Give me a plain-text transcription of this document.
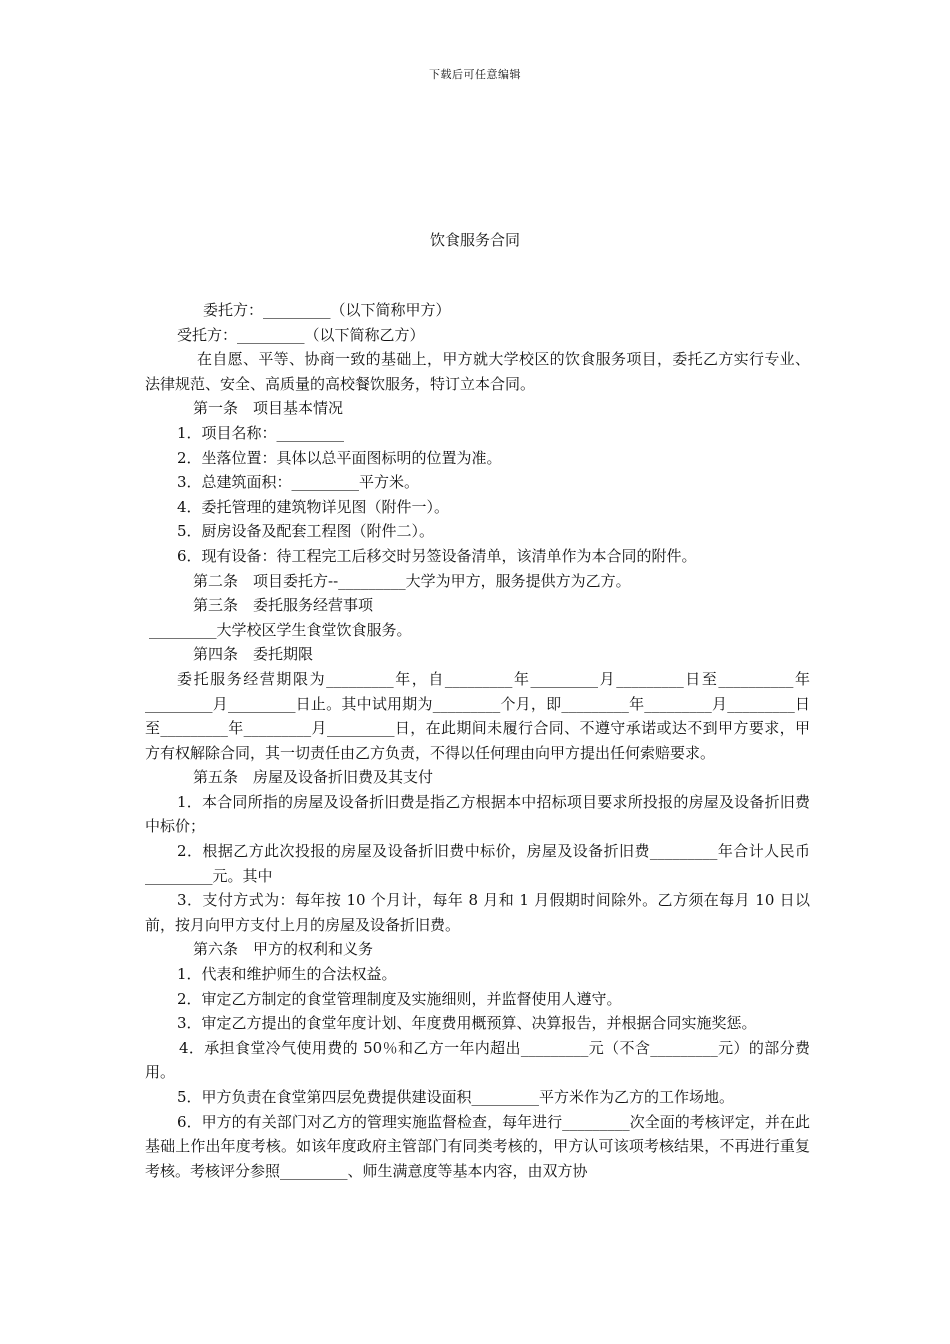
下载后可任意编辑
饮食服务合同

委托方：_________（以下简称甲方）

受托方：_________（以下简称乙方）

在自愿、平等、协商一致的基础上，甲方就大学校区的饮食服务项目，委托乙方实行专业、法律规范、安全、高质量的高校餐饮服务，特订立本合同。

第一条　项目基本情况

1．项目名称：_________

2．坐落位置：具体以总平面图标明的位置为准。

3．总建筑面积：_________平方米。

4．委托管理的建筑物详见图（附件一）。

5．厨房设备及配套工程图（附件二）。

6．现有设备：待工程完工后移交时另签设备清单，该清单作为本合同的附件。

第二条　项目委托方--_________大学为甲方，服务提供方为乙方。

第三条　委托服务经营事项

_________大学校区学生食堂饮食服务。

第四条　委托期限

委托服务经营期限为_________年，自_________年_________月_________日至__________年_________月_________日止。其中试用期为_________个月，即_________年_________月_________日至_________年_________月_________日，在此期间未履行合同、不遵守承诺或达不到甲方要求，甲方有权解除合同，其一切责任由乙方负责，不得以任何理由向甲方提出任何索赔要求。

第五条　房屋及设备折旧费及其支付

1．本合同所指的房屋及设备折旧费是指乙方根据本中招标项目要求所投报的房屋及设备折旧费中标价；

2．根据乙方此次投报的房屋及设备折旧费中标价，房屋及设备折旧费_________年合计人民币_________元。其中

3．支付方式为：每年按 10 个月计，每年 8 月和 1 月假期时间除外。乙方须在每月 10 日以前，按月向甲方支付上月的房屋及设备折旧费。

第六条　甲方的权利和义务

1．代表和维护师生的合法权益。

2．审定乙方制定的食堂管理制度及实施细则，并监督使用人遵守。

3．审定乙方提出的食堂年度计划、年度费用概预算、决算报告，并根据合同实施奖惩。

4．承担食堂冷气使用费的 50％和乙方一年内超出_________元（不含_________元）的部分费用。

5．甲方负责在食堂第四层免费提供建设面积_________平方米作为乙方的工作场地。

6．甲方的有关部门对乙方的管理实施监督检查，每年进行_________次全面的考核评定，并在此基础上作出年度考核。如该年度政府主管部门有同类考核的，甲方认可该项考核结果，不再进行重复考核。考核评分参照_________、师生满意度等基本内容，由双方协
